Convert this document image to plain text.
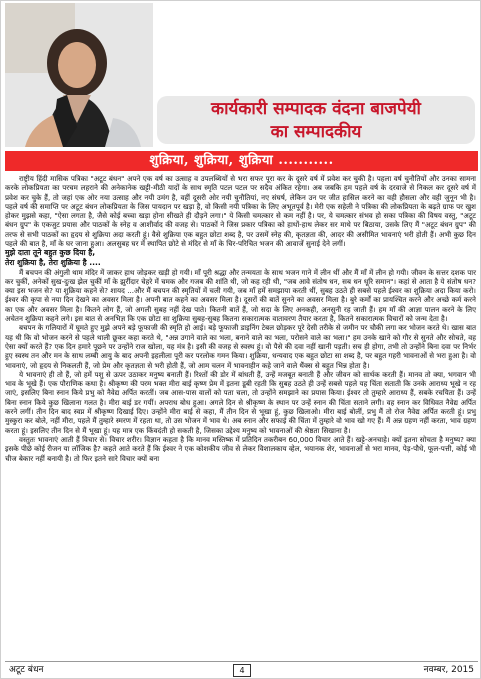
कार्यकारी सम्पादक वंदना बाजपेयी
का सम्पादकीय
शुक्रिया, शुक्रिया, शुक्रिया ...........

राष्ट्रीय हिंदी मासिक पत्रिका "अटूट बंधन" अपने एक वर्ष का उत्साह व उपलब्धियों से भरा सफर पूरा कर के दूसरे वर्ष में प्रवेश कर चुकी है। पहला वर्ष चुनौतियों और उनका सामना करके लोकप्रियता का परचम लहराने की अनेकानेक खट्टी-मीठी यादों के साथ स्मृति पटल पटल पर सदैव अंकित रहेगा। अब जबकि हम पहले वर्ष के दरवाजे से निकल कर दूसरे वर्ष में प्रवेश कर चुके हैं, तो जहां एक ओर नया उत्साह और नयी उमंग है, वहीं दूसरी ओर नयी चुनौतियां, नए संघर्ष, लेकिन उन पर जीत हासिल करने का वही हौसला और वही जुनून भी है। पहले वर्ष की समाप्ति पर अटूट बंधन लोकप्रियता के जिस पायदान पर खड़ा है, वो किसी नयी पत्रिका के लिए अभूतपूर्व है। मेरी एक सहेली ने पत्रिका की लोकप्रियता के बढ़ते ग्राफ पर खुश होकर मुझसे कहा, "ऐसा लगता है, जैसे कोई बच्चा खड़ा होना सीखते ही दौड़ने लगा।" ये किसी चमत्कार से कम नहीं है। पर, ये चमत्कार संभव हो सका पत्रिका की विषय वस्तु, "अटूट बंधन ग्रुप" के एकजुट प्रयास और पाठकों के स्नेह व आशीर्वाद की वजह से। पाठकों ने जिस प्रकार पत्रिका को हाथों-हाथ लेकर सर माथे पर बिठाया, उसके लिए मैं "अटूट बंधन ग्रुप" की तरफ से सभी पाठकों का हृदय से शुक्रिया अदा करती हूं। वैसे शुक्रिया एक बहुत छोटा शब्द है, पर उसमें स्नेह की, कृतज्ञता की, आदर की असीमित भावनाएं भरी होती हैं। अभी कुछ दिन पहले की बात है, माँ के घर जाना हुआ। अलसुबह घर में स्थापित छोटे से मंदिर से माँ के चिर-परिचित भजन की आवाजें सुनाई देने लगीं।

मुझे दाता तूने बहुत कुछ दिया है,

तेरा शुक्रिया है, तेरा शुक्रिया है ....

मैं बचपन की अंगुली थाम मंदिर में जाकर हाथ जोड़कर खड़ी हो गयी। माँ पूरी श्रद्धा और तन्मयता के साथ भजन गाने में लीन थीं और मैं माँ में लीन हो गयी। जीवन के सत्तर दशक पार कर चुकीं, अनेकों सुख-दुःख झेल चुकीं माँ के झुर्रीदार चेहरे में चमक और गजब की शांति थी, जो कह रही थी, "जब आवे संतोष धन, सब धन धूरि समान"। कहां से आता है ये संतोष धन? क्या इस भजन से? या शुक्रिया कहने से? शायद ...और मैं बचपन की स्मृतियों में चली गयी, जब माँ हमें समझाया करती थीं, सुबह उठते ही सबसे पहले ईश्वर का शुक्रिया अदा किया करो। ईश्वर की कृपा से नया दिन देखने का अवसर मिला है। अपनी बात कहने का अवसर मिला है। दूसरों की बातें सुनने का अवसर मिला है। बुरे कर्मों का प्रायश्चित करने और अच्छे कर्म करने का एक और अवसर मिला है। कितने लोग हैं, जो अगली सुबह नहीं देख पाते। कितनी बातें हैं, जो सदा के लिए अनकही, अनसुनी रह जाती हैं। हम माँ की आज्ञा पालन करने के लिए अचेतन शुक्रिया कहने लगे। इस बात से अनभिज्ञ कि एक छोटा सा शुक्रिया सुबह-सुबह कितना सकारात्मक वातावरण तैयार करता है, कितने सकारात्मक विचारों को जन्म देता है।

बचपन के गलियारों में घूमते हुए मुझे अपने बड़े फूफाजी की स्मृति हो आई। बड़े फूफाजी डाइनिंग टेबल छोड़कर पूरे देसी तरीके से जमीन पर चौकी लगा कर भोजन करते थे। खास बात यह थी कि वो भोजन करने से पहले थाली छूकर कहा करते थे, "अन्न उगाने वाले का भला, बनाने वाले का भला, परोसने वाले का भला।" हम उनके खाने को गौर से सुनते और सोचते, वह ऐसा क्यों करते हैं? एक दिन हमारे पूछने पर उन्होंने राज खोला, यह मंत्र है। इसी की वजह से स्वस्थ हूं। वो पैसे की दवा नहीं खानी पड़ती। सच ही होगा, तभी तो उन्होंने बिना दवा पर निर्भर हुए स्वस्थ तन और मन के साथ लम्बी आयु के बाद अपनी इहलीला पूरी कर परलोक गमन किया। शुक्रिया, धन्यवाद एक बहुत छोटा सा शब्द है, पर बहुत गहरी भावनाओं से भरा हुआ है। वो भावनाएं, जो हृदय से निकलती हैं, जो प्रेम और कृतज्ञता से भरी होती हैं, जो आम चलन में भावनाहीन कहे जाने वाले थैंक्स से बहुत भिन्न होता है।

ये भावनाएं ही तो हैं, जो हमें पशु से ऊपर उठाकर मनुष्य बनाती हैं। रिश्तों की डोर में बांधती हैं, उन्हें मजबूत बनाती हैं और जीवन को सार्थक करती हैं। मानव तो क्या, भगवान भी भाव के भूखे हैं। एक पौराणिक कथा है। श्रीकृष्ण की परम भक्त मीरा बाई कृष्ण प्रेम में इतना डूबी रहती कि सुबह उठते ही उन्हें सबसे पहले यह चिंता सताती कि उनके आराध्य भूखे न रह जाएं, इसलिए बिना स्नान किये प्रभु को नैवेद्य अर्पित करतीं। जब आस-पास वालों को पता चला, तो उन्होंने समझाने का प्रयास किया। ईश्वर तो तुम्हारे आराध्य हैं, सबके रचयिता हैं। उन्हें बिना स्नान किये कुछ खिलाना गलत है। मीरा बाई डर गयीं। अपराध बोध हुआ। अगले दिन से श्रीकृष्ण के स्थान पर उन्हें स्नान की चिंता सताने लगी। वह स्नान कर विधिवत नैवेद्य अर्पित करने लगीं। तीन दिन बाद स्वप्न में श्रीकृष्ण दिखाई दिए। उन्होंने मीरा बाई से कहा, मैं तीन दिन से भूखा हूं, कुछ खिलाओ। मीरा बाई बोलीं, प्रभु मैं तो रोज नैवेद्य अर्पित करती हूं। प्रभु मुस्कुरा कर बोले, नहीं मीरा, पहले मैं तुम्हारे स्मरण में रहता था, तो उस भोजन में भाव थे। अब स्नान और सफाई की चिंता में तुम्हारे वो भाव खो गए हैं। मैं अन्न ग्रहण नहीं करता, भाव ग्रहण करता हूं। इसलिए तीन दिन से मैं भूखा हूं। यह मात्र एक किंवदंती हो सकती है, जिसका उद्देश्य मनुष्य को भावनाओं की श्रेष्ठता सिखाना है।

वस्तुतः भावनाएं आती हैं विचार से। विचार शरीर। विज्ञान कहता है कि मानव मस्तिष्क में प्रतिदिन तकरीबन 60,000 विचार आते हैं। खट्टे-अनचाहे। क्यों इतना सोचता है मनुष्य? क्या इसके पीछे कोई रीजन या लॉजिक है? कहते आते करते हैं कि ईश्वर ने एक कोशकीय जीव से लेकर विशालकाय व्हेल, भयानक शेर, भावनाओं से भरा मानव, पेड़-पौधे, फूल-पत्ती, कोई भी चीज बेकार नहीं बनायी है। तो फिर इतने सारे विचार क्यों बना

अटूट बंधन	4	नवम्बर, 2015
